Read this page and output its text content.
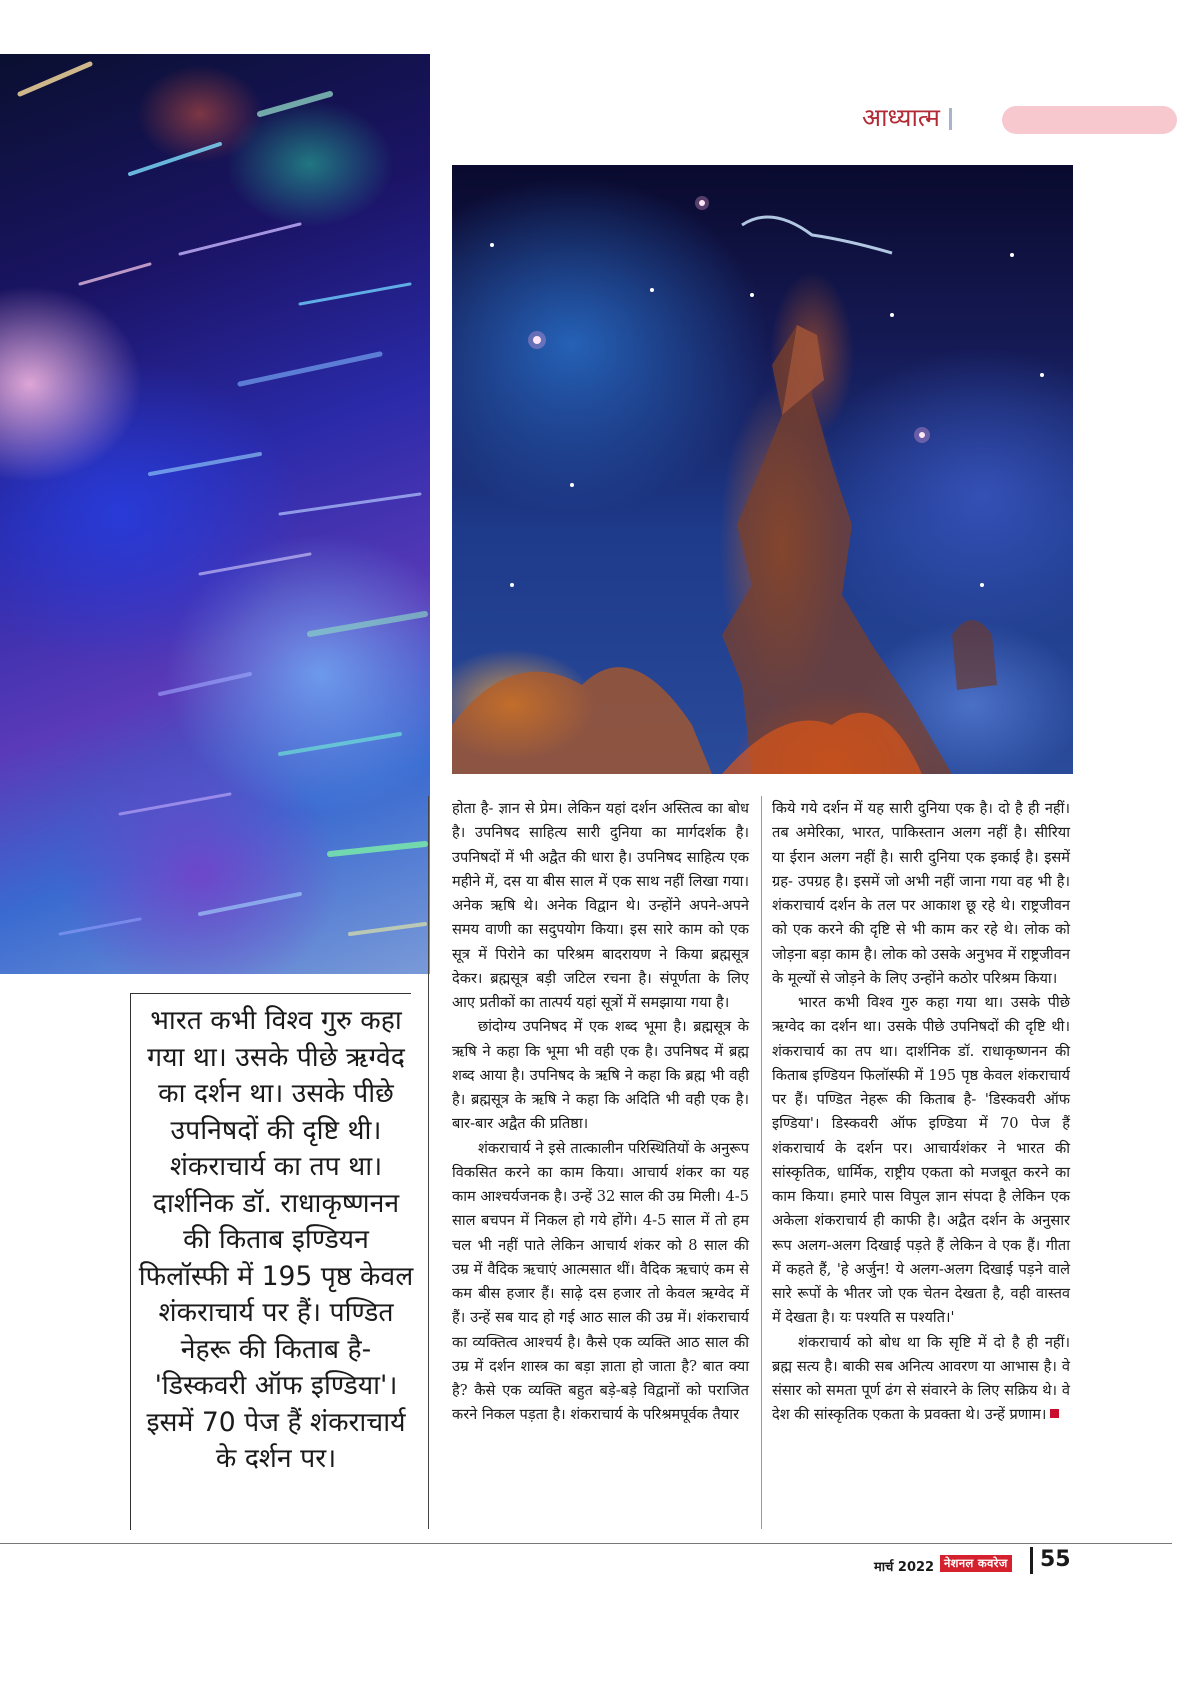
आध्यात्म

होता है- ज्ञान से प्रेम। लेकिन यहां दर्शन अस्तित्व का बोध है। उपनिषद साहित्य सारी दुनिया का मार्गदर्शक है। उपनिषदों में भी अद्वैत की धारा है। उपनिषद साहित्य एक महीने में, दस या बीस साल में एक साथ नहीं लिखा गया। अनेक ऋषि थे। अनेक विद्वान थे। उन्होंने अपने-अपने समय वाणी का सदुपयोग किया। इस सारे काम को एक सूत्र में पिरोने का परिश्रम बादरायण ने किया ब्रह्मसूत्र देकर। ब्रह्मसूत्र बड़ी जटिल रचना है। संपूर्णता के लिए आए प्रतीकों का तात्पर्य यहां सूत्रों में समझाया गया है।

छांदोग्य उपनिषद में एक शब्द भूमा है। ब्रह्मसूत्र के ऋषि ने कहा कि भूमा भी वही एक है। उपनिषद में ब्रह्म शब्द आया है। उपनिषद के ऋषि ने कहा कि ब्रह्म भी वही है। ब्रह्मसूत्र के ऋषि ने कहा कि अदिति भी वही एक है। बार-बार अद्वैत की प्रतिष्ठा।

शंकराचार्य ने इसे तात्कालीन परिस्थितियों के अनुरूप विकसित करने का काम किया। आचार्य शंकर का यह काम आश्चर्यजनक है। उन्हें 32 साल की उम्र मिली। 4-5 साल बचपन में निकल हो गये होंगे। 4-5 साल में तो हम चल भी नहीं पाते लेकिन आचार्य शंकर को 8 साल की उम्र में वैदिक ऋचाएं आत्मसात थीं। वैदिक ऋचाएं कम से कम बीस हजार हैं। साढ़े दस हजार तो केवल ऋग्वेद में हैं। उन्हें सब याद हो गई आठ साल की उम्र में। शंकराचार्य का व्यक्तित्व आश्चर्य है। कैसे एक व्यक्ति आठ साल की उम्र में दर्शन शास्त्र का बड़ा ज्ञाता हो जाता है? बात क्या है? कैसे एक व्यक्ति बहुत बड़े-बड़े विद्वानों को पराजित करने निकल पड़ता है। शंकराचार्य के परिश्रमपूर्वक तैयार

किये गये दर्शन में यह सारी दुनिया एक है। दो है ही नहीं। तब अमेरिका, भारत, पाकिस्तान अलग नहीं है। सीरिया या ईरान अलग नहीं है। सारी दुनिया एक इकाई है। इसमें ग्रह- उपग्रह है। इसमें जो अभी नहीं जाना गया वह भी है। शंकराचार्य दर्शन के तल पर आकाश छू रहे थे। राष्ट्रजीवन को एक करने की दृष्टि से भी काम कर रहे थे। लोक को जोड़ना बड़ा काम है। लोक को उसके अनुभव में राष्ट्रजीवन के मूल्यों से जोड़ने के लिए उन्होंने कठोर परिश्रम किया।

भारत कभी विश्व गुरु कहा गया था। उसके पीछे ऋग्वेद का दर्शन था। उसके पीछे उपनिषदों की दृष्टि थी। शंकराचार्य का तप था। दार्शनिक डॉ. राधाकृष्णनन की किताब इण्डियन फिलॉस्फी में 195 पृष्ठ केवल शंकराचार्य पर हैं। पण्डित नेहरू की किताब है- 'डिस्कवरी ऑफ इण्डिया'। डिस्कवरी ऑफ इण्डिया में 70 पेज हैं शंकराचार्य के दर्शन पर। आचार्यशंकर ने भारत की सांस्कृतिक, धार्मिक, राष्ट्रीय एकता को मजबूत करने का काम किया। हमारे पास विपुल ज्ञान संपदा है लेकिन एक अकेला शंकराचार्य ही काफी है। अद्वैत दर्शन के अनुसार रूप अलग-अलग दिखाई पड़ते हैं लेकिन वे एक हैं। गीता में कहते हैं, 'हे अर्जुन! ये अलग-अलग दिखाई पड़ने वाले सारे रूपों के भीतर जो एक चेतन देखता है, वही वास्तव में देखता है। यः पश्यति स पश्यति।'

शंकराचार्य को बोध था कि सृष्टि में दो है ही नहीं। ब्रह्म सत्य है। बाकी सब अनित्य आवरण या आभास है। वे संसार को समता पूर्ण ढंग से संवारने के लिए सक्रिय थे। वे देश की सांस्कृतिक एकता के प्रवक्ता थे। उन्हें प्रणाम।

भारत कभी विश्व गुरु कहा गया था। उसके पीछे ऋग्वेद का दर्शन था। उसके पीछे उपनिषदों की दृष्टि थी। शंकराचार्य का तप था। दार्शनिक डॉ. राधाकृष्णनन की किताब इण्डियन फिलॉस्फी में 195 पृष्ठ केवल शंकराचार्य पर हैं। पण्डित नेहरू की किताब है- 'डिस्कवरी ऑफ इण्डिया'। इसमें 70 पेज हैं शंकराचार्य के दर्शन पर।
मार्च 2022 नेशनल कवरेज 55
